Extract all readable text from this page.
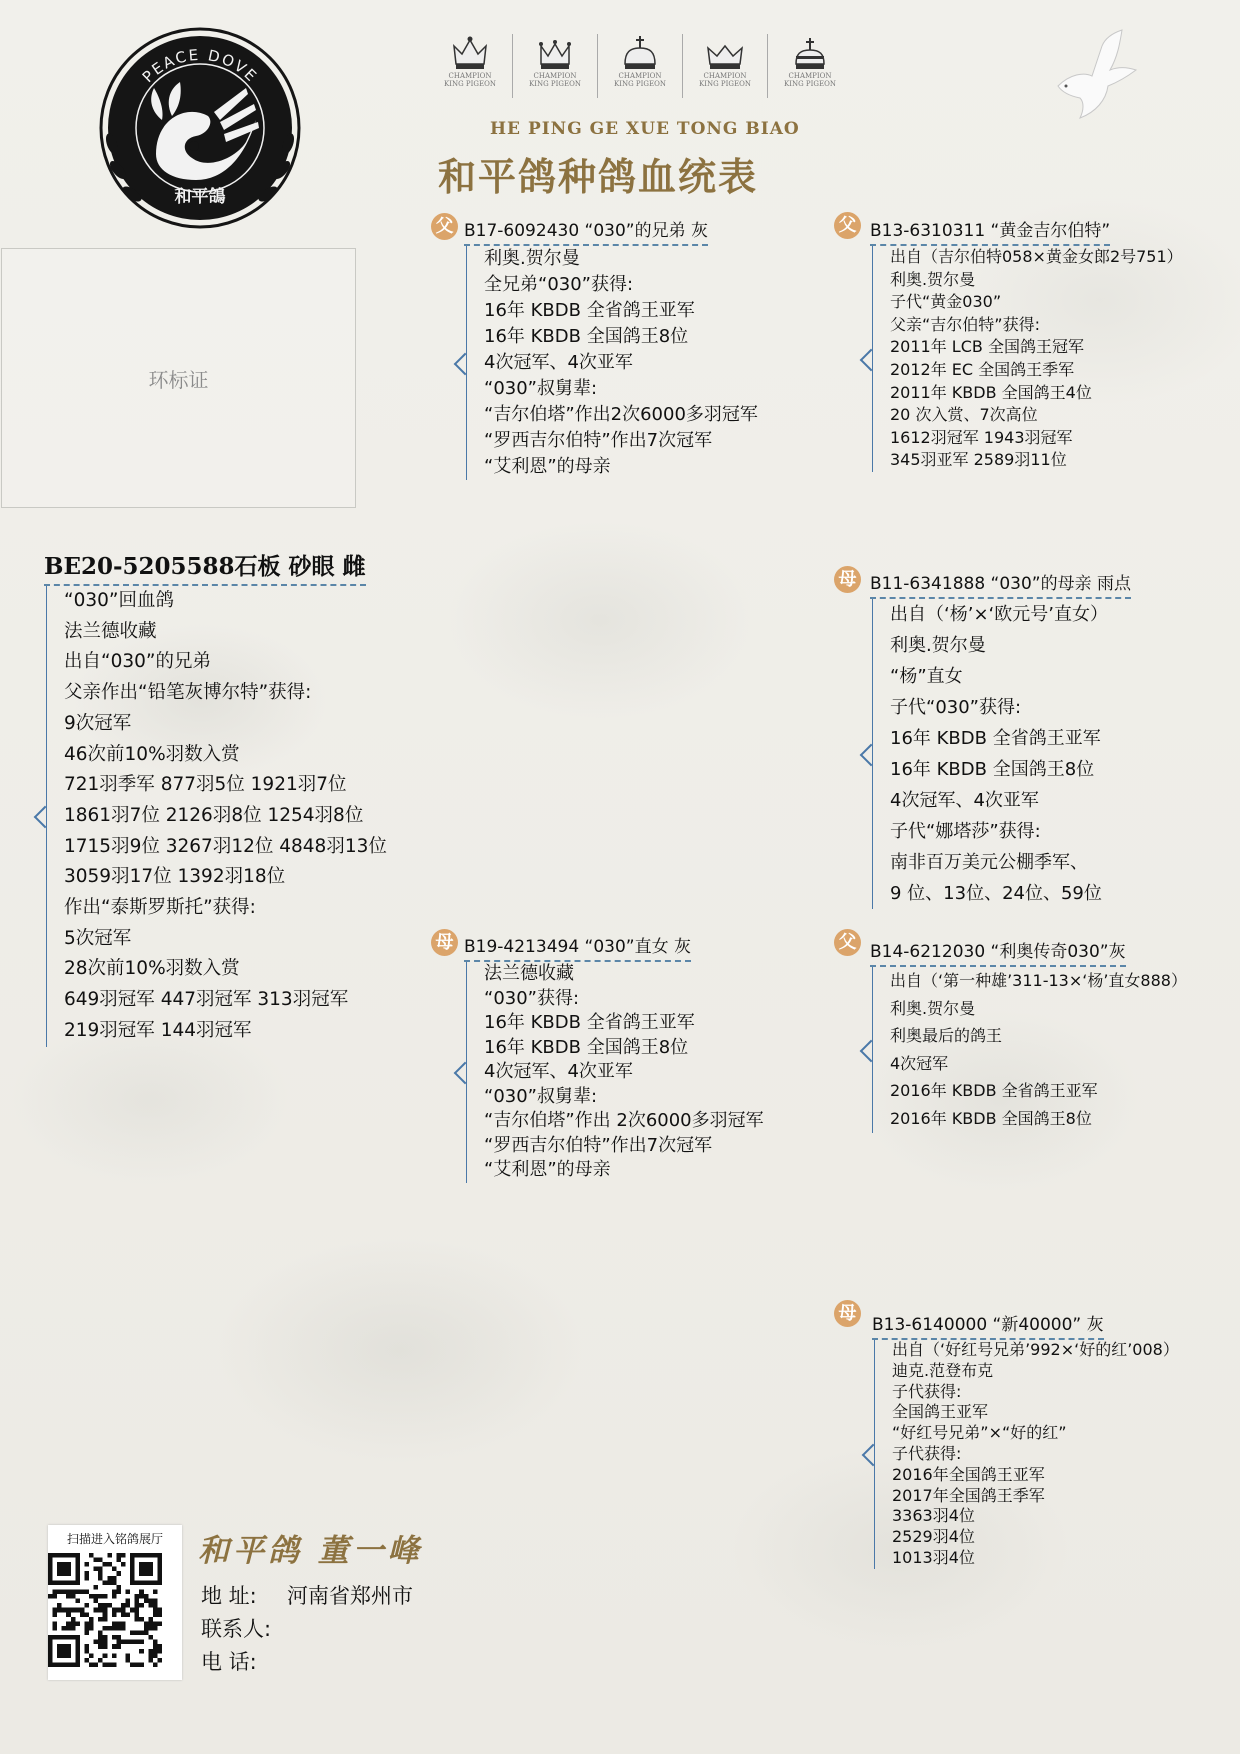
PEACE DOVE
和平鴿
CHAMPION
KING PIGEON
CHAMPION
KING PIGEON
CHAMPION
KING PIGEON
CHAMPION
KING PIGEON
CHAMPION
KING PIGEON
HE PING GE XUE TONG BIAO
和平鸽种鸽血统表
环标证
BE20-5205588石板 砂眼 雌
“030”回血鸽
法兰德收藏
出自“030”的兄弟
父亲作出“铅笔灰博尔特”获得:
9次冠军
46次前10%羽数入赏
721羽季军 877羽5位 1921羽7位
1861羽7位 2126羽8位 1254羽8位
1715羽9位 3267羽12位 4848羽13位
3059羽17位 1392羽18位
作出“泰斯罗斯托”获得:
5次冠军
28次前10%羽数入赏
649羽冠军 447羽冠军 313羽冠军
219羽冠军 144羽冠军
父 B17-6092430 “030”的兄弟 灰
利奥.贺尔曼
全兄弟“030”获得:
16年 KBDB 全省鸽王亚军
16年 KBDB 全国鸽王8位
4次冠军、4次亚军
“030”叔舅辈:
“吉尔伯塔”作出2次6000多羽冠军
“罗西吉尔伯特”作出7次冠军
“艾利恩”的母亲
母 B19-4213494 “030”直女 灰
法兰德收藏
“030”获得:
16年 KBDB 全省鸽王亚军
16年 KBDB 全国鸽王8位
4次冠军、4次亚军
“030”叔舅辈:
“吉尔伯塔”作出 2次6000多羽冠军
“罗西吉尔伯特”作出7次冠军
“艾利恩”的母亲
父 B13-6310311 “黄金吉尔伯特”
出自（吉尔伯特058×黄金女郎2号751）
利奥.贺尔曼
子代“黄金030”
父亲“吉尔伯特”获得:
2011年 LCB 全国鸽王冠军
2012年 EC 全国鸽王季军
2011年 KBDB 全国鸽王4位
20 次入赏、7次高位
1612羽冠军 1943羽冠军
345羽亚军 2589羽11位
母 B11-6341888 “030”的母亲 雨点
出自（‘杨’×‘欧元号’直女）
利奥.贺尔曼
“杨”直女
子代“030”获得:
16年 KBDB 全省鸽王亚军
16年 KBDB 全国鸽王8位
4次冠军、4次亚军
子代“娜塔莎”获得:
南非百万美元公棚季军、
9 位、13位、24位、59位
父 B14-6212030 “利奥传奇030”灰
出自（‘第一种雄’311-13×‘杨’直女888）
利奥.贺尔曼
利奥最后的鸽王
4次冠军
2016年 KBDB 全省鸽王亚军
2016年 KBDB 全国鸽王8位
母
B13-6140000 “新40000” 灰
出自（‘好红号兄弟’992×‘好的红’008）
迪克.范登布克
子代获得:
全国鸽王亚军
“好红号兄弟”×“好的红”
子代获得:
2016年全国鸽王亚军
2017年全国鸽王季军
3363羽4位
2529羽4位
1013羽4位
扫描进入铭鸽展厅	和平鸽 董一峰
地 址: 河南省郑州市
联系人:
电 话:
